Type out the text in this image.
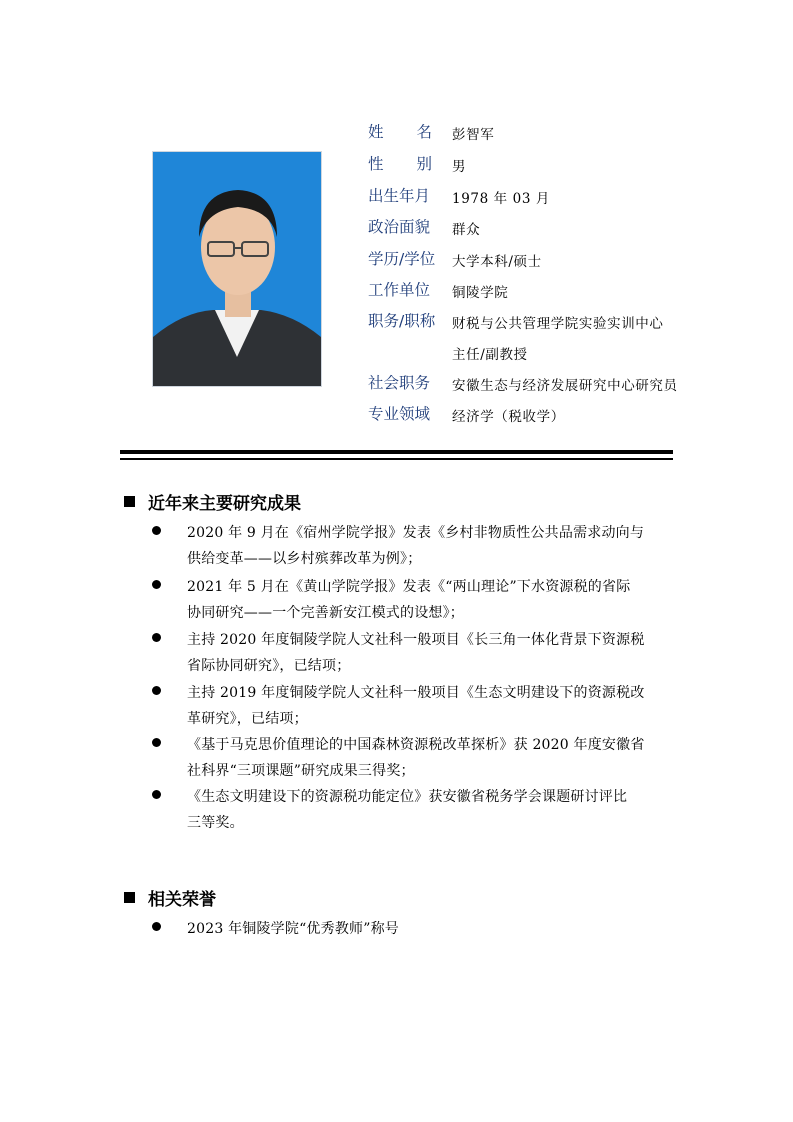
姓 名 彭智军
性 别 男
出生年月	1978 年 03 月
政治面貌	群众
学历/学位	大学本科/硕士
工作单位	铜陵学院
职务/职称	财税与公共管理学院实验实训中心
主任/副教授
社会职务	安徽生态与经济发展研究中心研究员
专业领域	经济学（税收学）
近年来主要研究成果
2020 年 9 月在《宿州学院学报》发表《乡村非物质性公共品需求动向与
供给变革——以乡村殡葬改革为例》；
2021 年 5 月在《黄山学院学报》发表《“两山理论”下水资源税的省际
协同研究——一个完善新安江模式的设想》；
主持 2020 年度铜陵学院人文社科一般项目《长三角一体化背景下资源税
省际协同研究》，已结项；
主持 2019 年度铜陵学院人文社科一般项目《生态文明建设下的资源税改
革研究》，已结项；
《基于马克思价值理论的中国森林资源税改革探析》获 2020 年度安徽省
社科界“三项课题”研究成果三得奖；
《生态文明建设下的资源税功能定位》获安徽省税务学会课题研讨评比
三等奖。
相关荣誉
2023 年铜陵学院“优秀教师”称号
